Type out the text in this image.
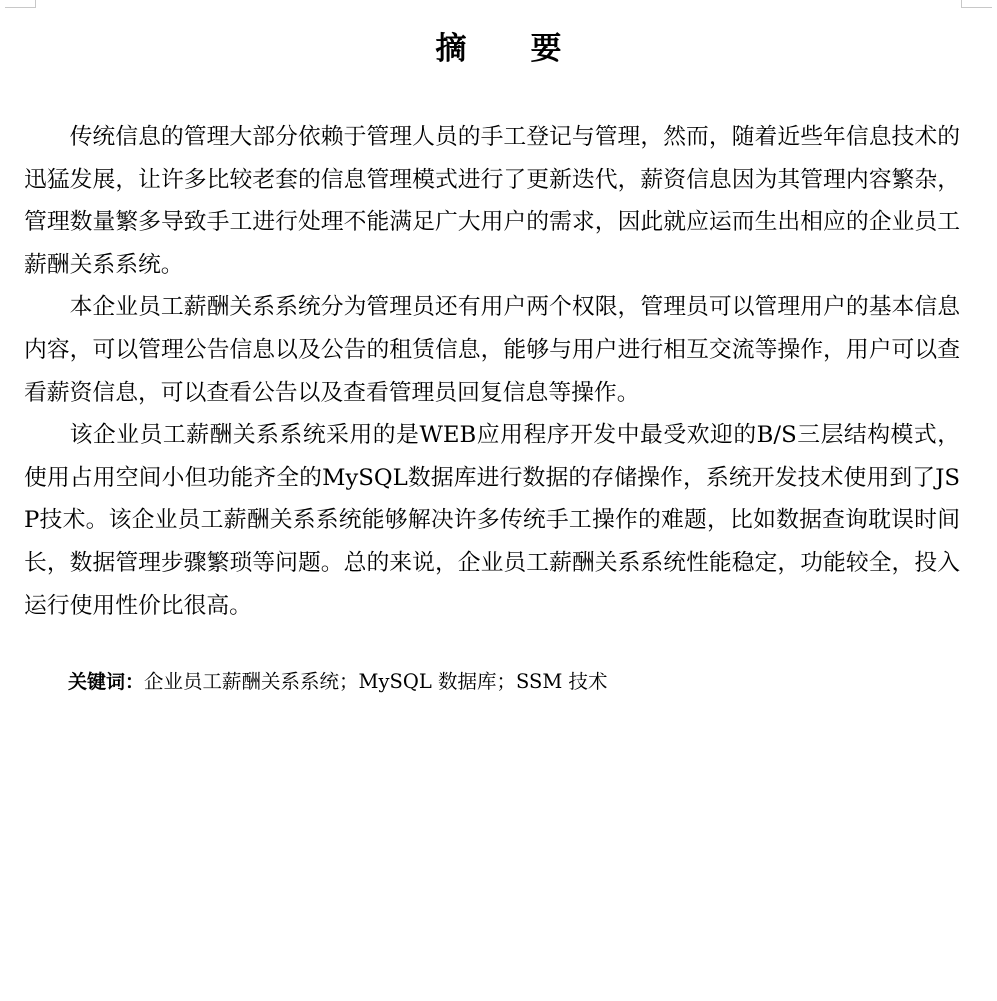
摘要

传统信息的管理大部分依赖于管理人员的手工登记与管理，然而，随着近些年信息技术的迅猛发展，让许多比较老套的信息管理模式进行了更新迭代，薪资信息因为其管理内容繁杂，管理数量繁多导致手工进行处理不能满足广大用户的需求，因此就应运而生出相应的企业员工薪酬关系系统。

本企业员工薪酬关系系统分为管理员还有用户两个权限，管理员可以管理用户的基本信息内容，可以管理公告信息以及公告的租赁信息，能够与用户进行相互交流等操作，用户可以查看薪资信息，可以查看公告以及查看管理员回复信息等操作。

该企业员工薪酬关系系统采用的是WEB应用程序开发中最受欢迎的B/S三层结构模式，使用占用空间小但功能齐全的MySQL数据库进行数据的存储操作，系统开发技术使用到了JSP技术。该企业员工薪酬关系系统能够解决许多传统手工操作的难题，比如数据查询耽误时间长，数据管理步骤繁琐等问题。总的来说，企业员工薪酬关系系统性能稳定，功能较全，投入运行使用性价比很高。

关键词：企业员工薪酬关系系统；MySQL 数据库；SSM 技术
